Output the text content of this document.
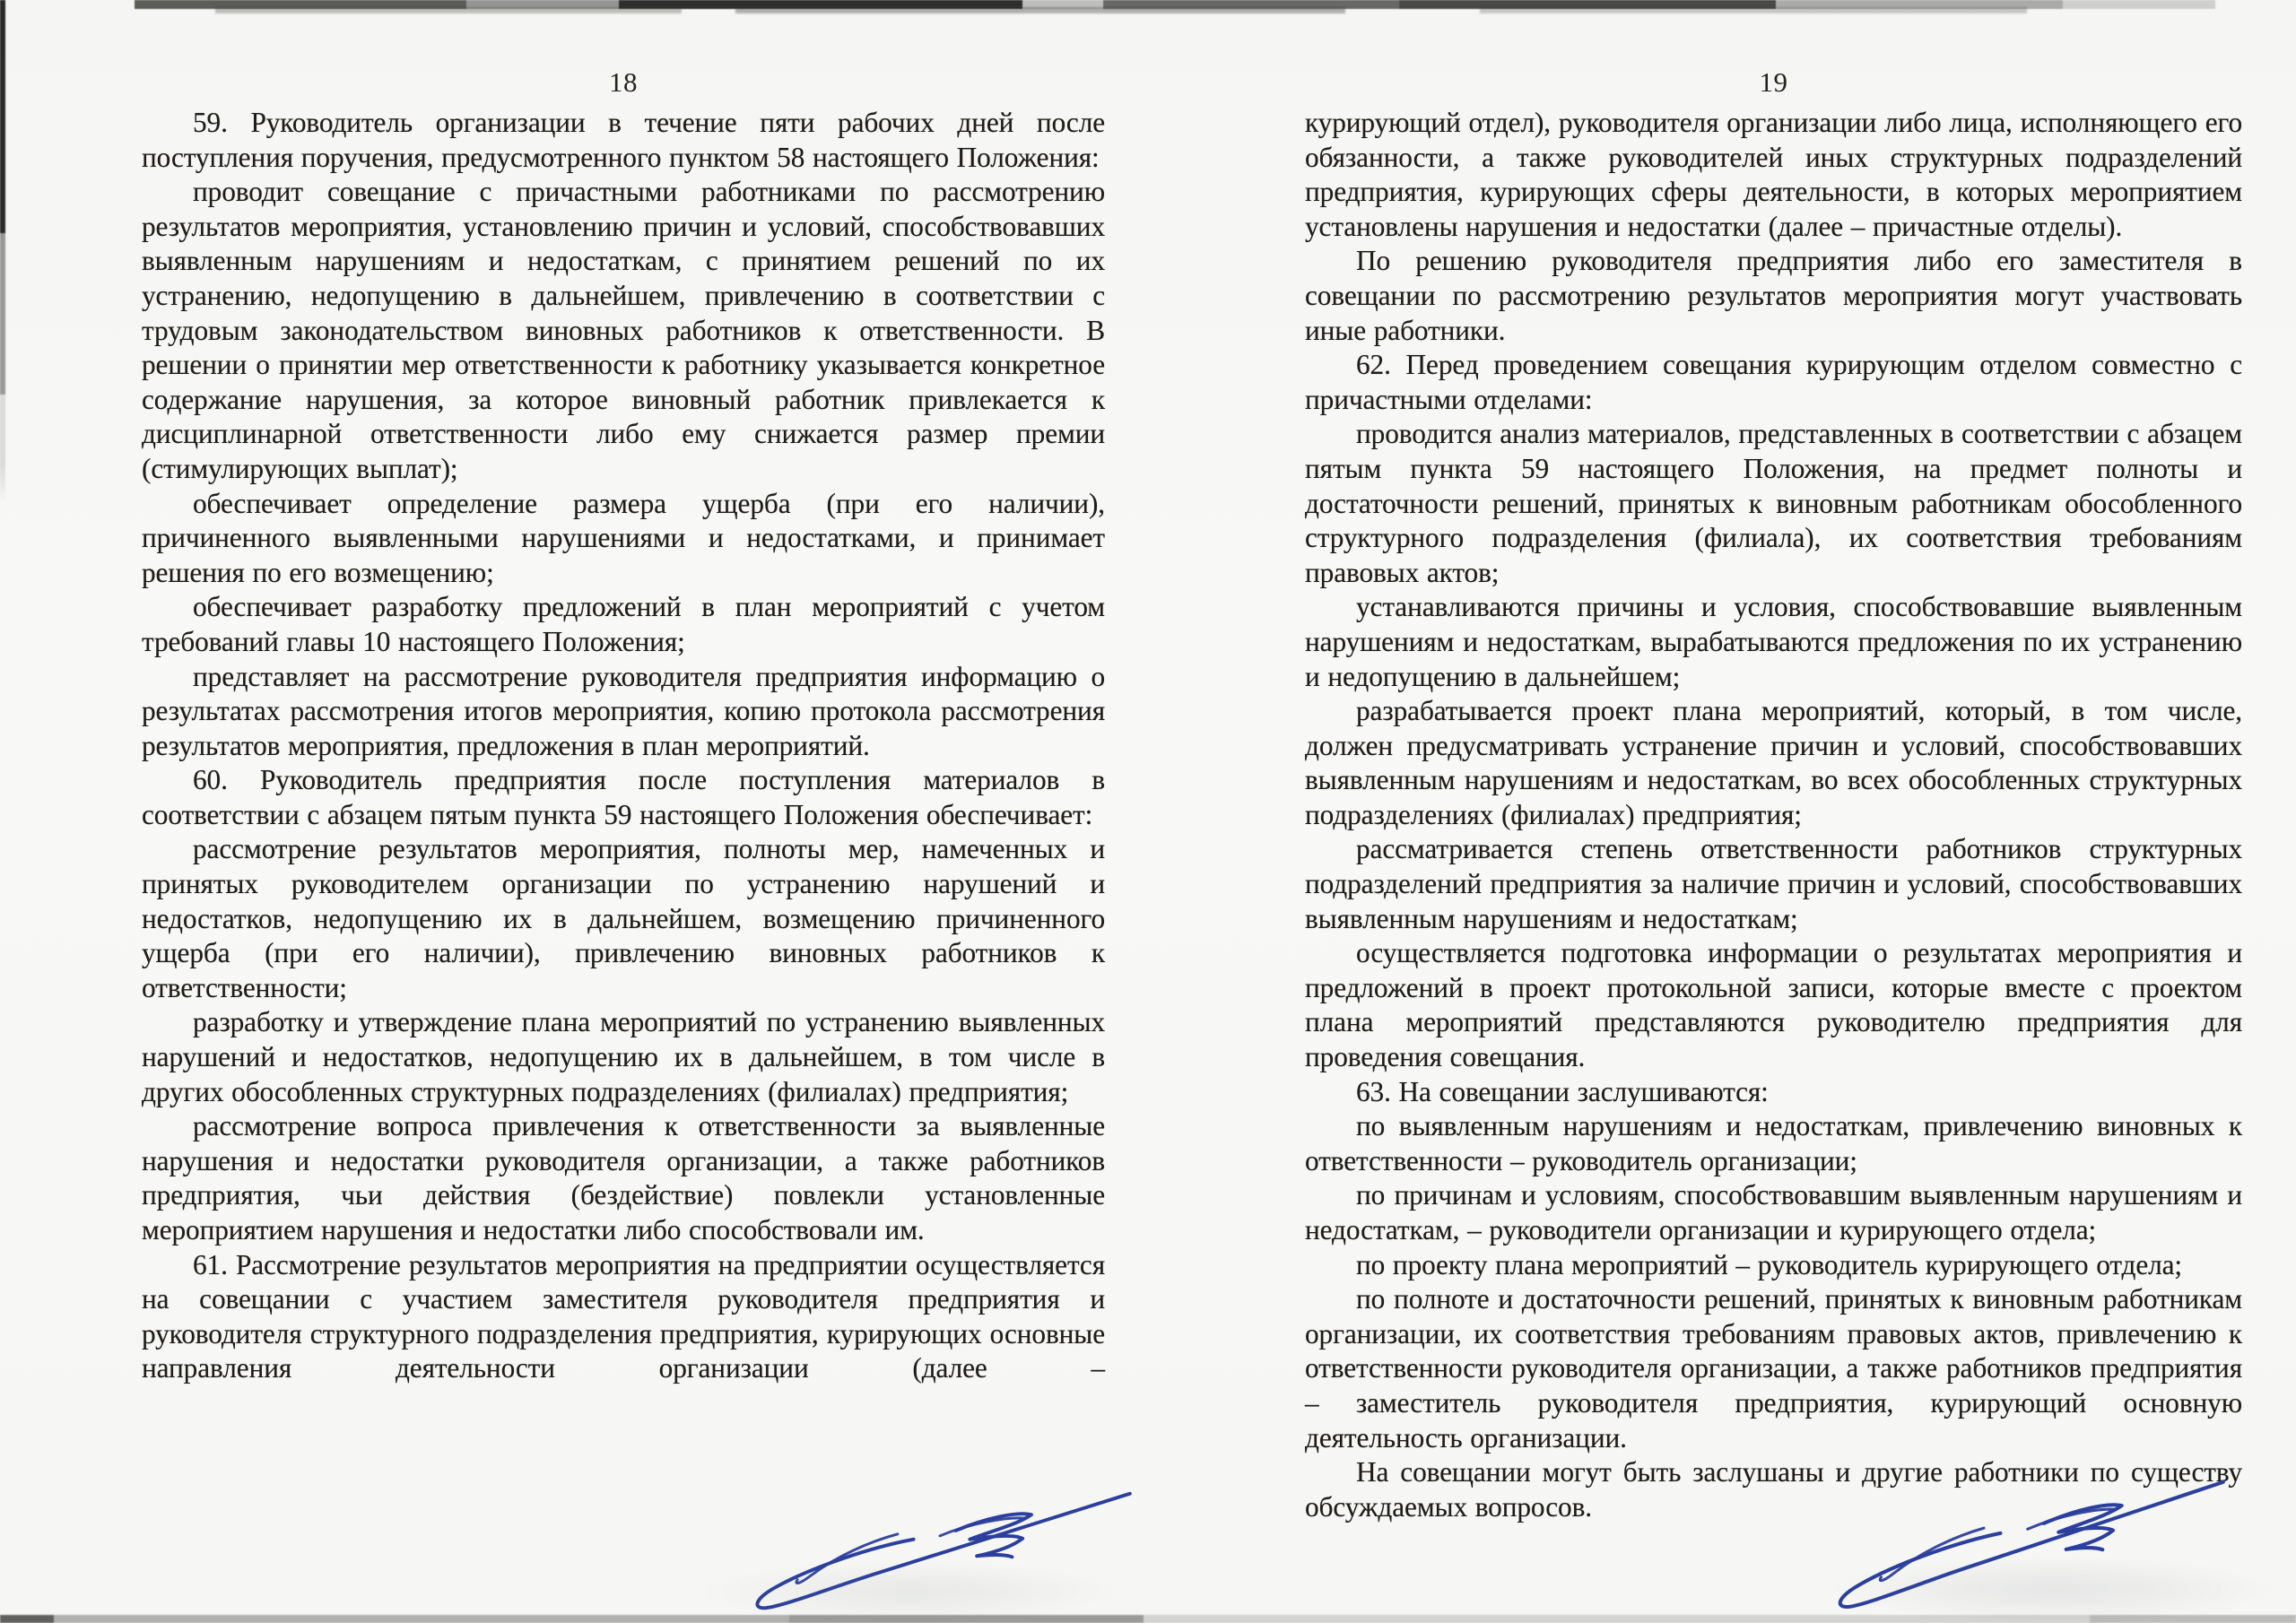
18

59. Руководитель организации в течение пяти рабочих дней после поступления поручения, предусмотренного пунктом 58 настоящего Положения:

проводит совещание с причастными работниками по рассмотрению результатов мероприятия, установлению причин и условий, способствовавших выявленным нарушениям и недостаткам, с принятием решений по их устранению, недопущению в дальнейшем, привлечению в соответствии с трудовым законодательством виновных работников к ответственности. В решении о принятии мер ответственности к работнику указывается конкретное содержание нарушения, за которое виновный работник привлекается к дисциплинарной ответственности либо ему снижается размер премии (стимулирующих выплат);

обеспечивает определение размера ущерба (при его наличии), причиненного выявленными нарушениями и недостатками, и принимает решения по его возмещению;

обеспечивает разработку предложений в план мероприятий с учетом требований главы 10 настоящего Положения;

представляет на рассмотрение руководителя предприятия информацию о результатах рассмотрения итогов мероприятия, копию протокола рассмотрения результатов мероприятия, предложения в план мероприятий.

60. Руководитель предприятия после поступления материалов в соответствии с абзацем пятым пункта 59 настоящего Положения обеспечивает:

рассмотрение результатов мероприятия, полноты мер, намеченных и принятых руководителем организации по устранению нарушений и недостатков, недопущению их в дальнейшем, возмещению причиненного ущерба (при его наличии), привлечению виновных работников к ответственности;

разработку и утверждение плана мероприятий по устранению выявленных нарушений и недостатков, недопущению их в дальнейшем, в том числе в других обособленных структурных подразделениях (филиалах) предприятия;

рассмотрение вопроса привлечения к ответственности за выявленные нарушения и недостатки руководителя организации, а также работников предприятия, чьи действия (бездействие) повлекли установленные мероприятием нарушения и недостатки либо способствовали им.

61. Рассмотрение результатов мероприятия на предприятии осуществляется на совещании с участием заместителя руководителя предприятия и руководителя структурного подразделения предприятия, курирующих основные направления деятельности организации (далее –

19

курирующий отдел), руководителя организации либо лица, исполняющего его обязанности, а также руководителей иных структурных подразделений предприятия, курирующих сферы деятельности, в которых мероприятием установлены нарушения и недостатки (далее – причастные отделы).

По решению руководителя предприятия либо его заместителя в совещании по рассмотрению результатов мероприятия могут участвовать иные работники.

62. Перед проведением совещания курирующим отделом совместно с причастными отделами:

проводится анализ материалов, представленных в соответствии с абзацем пятым пункта 59 настоящего Положения, на предмет полноты и достаточности решений, принятых к виновным работникам обособленного структурного подразделения (филиала), их соответствия требованиям правовых актов;

устанавливаются причины и условия, способствовавшие выявленным нарушениям и недостаткам, вырабатываются предложения по их устранению и недопущению в дальнейшем;

разрабатывается проект плана мероприятий, который, в том числе, должен предусматривать устранение причин и условий, способствовавших выявленным нарушениям и недостаткам, во всех обособленных структурных подразделениях (филиалах) предприятия;

рассматривается степень ответственности работников структурных подразделений предприятия за наличие причин и условий, способствовавших выявленным нарушениям и недостаткам;

осуществляется подготовка информации о результатах мероприятия и предложений в проект протокольной записи, которые вместе с проектом плана мероприятий представляются руководителю предприятия для проведения совещания.

63. На совещании заслушиваются:

по выявленным нарушениям и недостаткам, привлечению виновных к ответственности – руководитель организации;

по причинам и условиям, способствовавшим выявленным нарушениям и недостаткам, – руководители организации и курирующего отдела;

по проекту плана мероприятий – руководитель курирующего отдела;

по полноте и достаточности решений, принятых к виновным работникам организации, их соответствия требованиям правовых актов, привлечению к ответственности руководителя организации, а также работников предприятия – заместитель руководителя предприятия, курирующий основную деятельность организации.

На совещании могут быть заслушаны и другие работники по существу обсуждаемых вопросов.
